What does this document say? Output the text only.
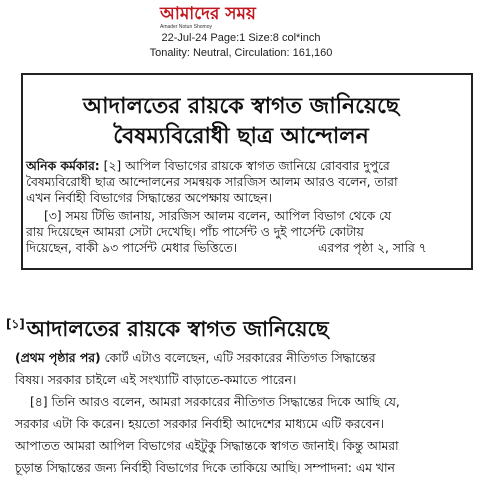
আমাদের সময়
Amader Notun Shomoy
22-Jul-24 Page:1 Size:8 col*inch
Tonality: Neutral, Circulation: 161,160
আদালতের রায়কে স্বাগত জানিয়েছে
বৈষম্যবিরোধী ছাত্র আন্দোলন
অনিক কর্মকার: [২] আপিল বিভাগের রায়কে স্বাগত জানিয়ে রোববার দুপুরে
বৈষম্যবিরোধী ছাত্র আন্দোলনের সমন্বয়ক সারজিস আলম আরও বলেন, তারা
এখন নির্বাহী বিভাগের সিদ্ধান্তের অপেক্ষায় আছেন।
[৩] সময় টিভি জানায়, সারজিস আলম বলেন, আপিল বিভাগ থেকে যে
রায় দিয়েছেন আমরা সেটা দেখেছি। পাঁচ পার্সেন্ট ও দুই পার্সেন্ট কোটায়
দিয়েছেন, বাকী ৯৩ পার্সেন্ট মেধার ভিত্তিতে।	এরপর পৃষ্ঠা ২, সারি ৭
[১]আদালতের রায়কে স্বাগত জানিয়েছে
(প্রথম পৃষ্ঠার পর) কোর্ট এটাও বলেছেন, এটি সরকারের নীতিগত সিদ্ধান্তের
বিষয়। সরকার চাইলে এই সংখ্যাটি বাড়াতে-কমাতে পারেন।
[৪] তিনি আরও বলেন, আমরা সরকারের নীতিগত সিদ্ধান্তের দিকে আছি যে,
সরকার এটা কি করেন। হয়তো সরকার নির্বাহী আদেশের মাধ্যমে এটি করবেন।
আপাতত আমরা আপিল বিভাগের এইটুকু সিদ্ধান্তকে স্বাগত জানাই। কিন্তু আমরা
চূড়ান্ত সিদ্ধান্তের জন্য নির্বাহী বিভাগের দিকে তাকিয়ে আছি। সম্পাদনা: এম খান
